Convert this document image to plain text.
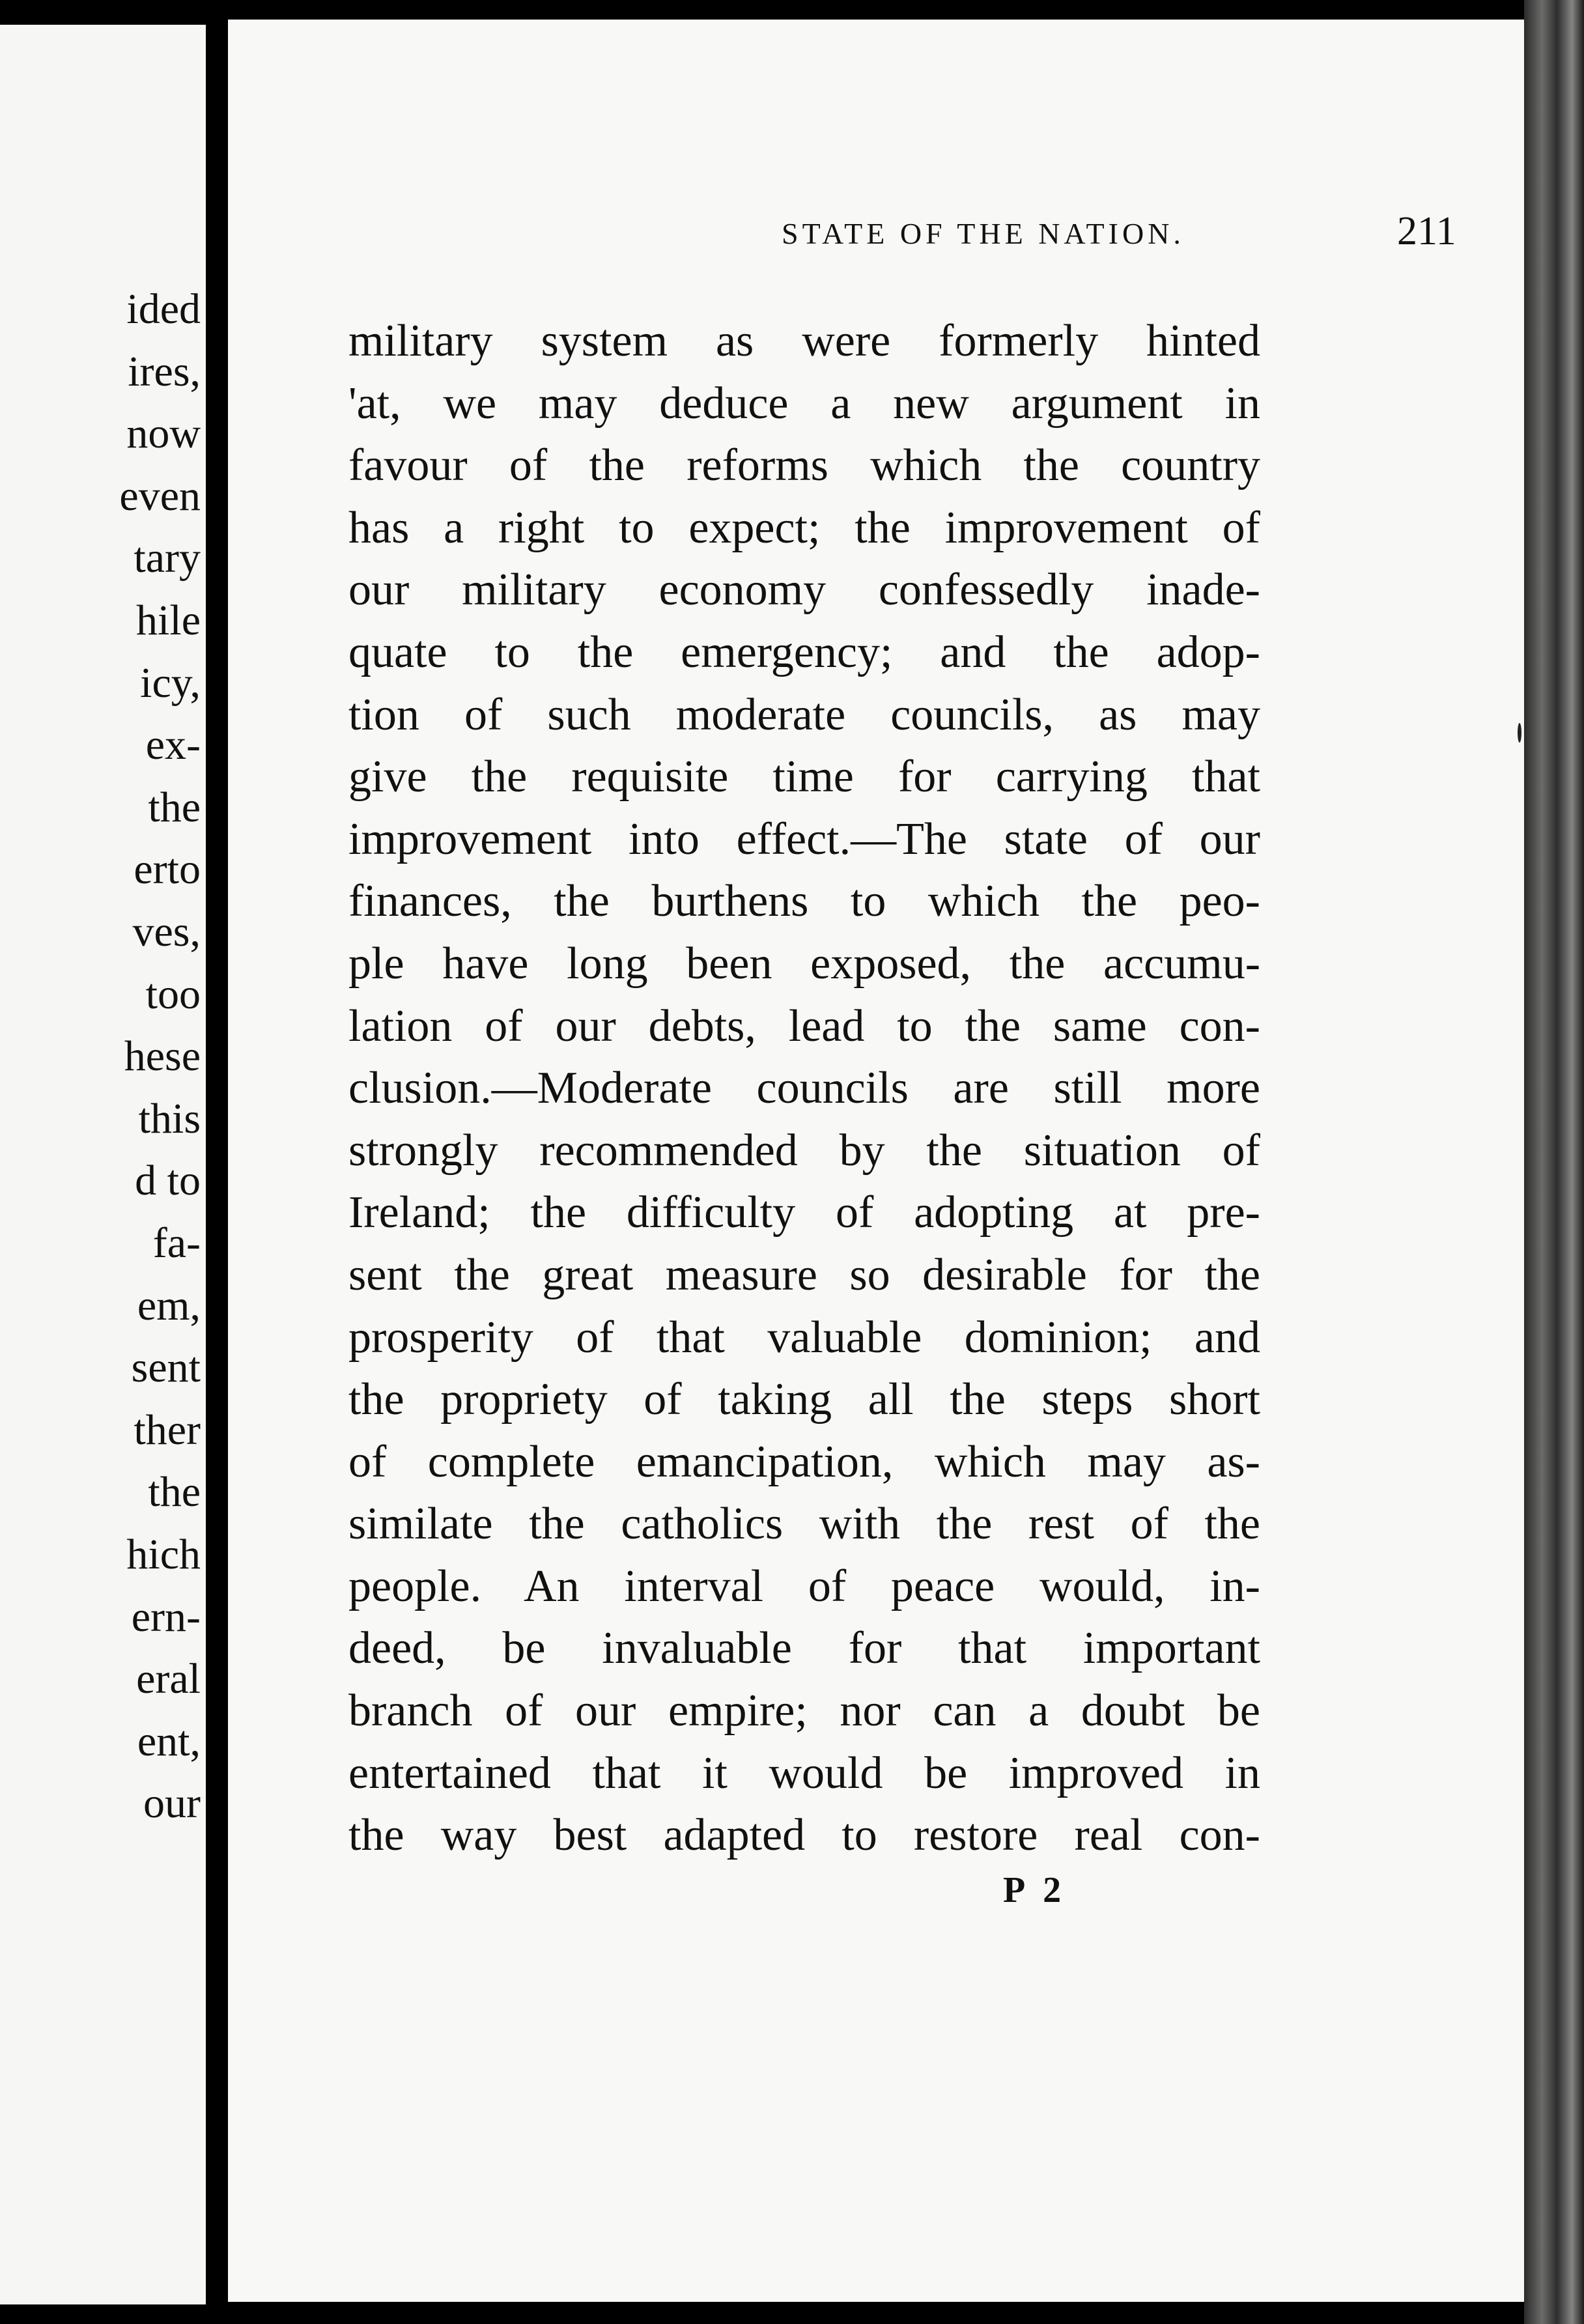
ided
ires,
now
even
tary
hile
icy,
ex-
the
erto
ves,
too
hese
this
d to
fa-
em,
sent
ther
the
hich
ern-
eral
ent,
our
STATE OF THE NATION.	211
military system as were formerly hinted
'at, we may deduce a new argument in
favour of the reforms which the country
has a right to expect; the improvement of
our military economy confessedly inade-
quate to the emergency; and the adop-
tion of such moderate councils, as may
give the requisite time for carrying that
improvement into effect.—The state of our
finances, the burthens to which the peo-
ple have long been exposed, the accumu-
lation of our debts, lead to the same con-
clusion.—Moderate councils are still more
strongly recommended by the situation of
Ireland; the difficulty of adopting at pre-
sent the great measure so desirable for the
prosperity of that valuable dominion; and
the propriety of taking all the steps short
of complete emancipation, which may as-
similate the catholics with the rest of the
people. An interval of peace would, in-
deed, be invaluable for that important
branch of our empire; nor can a doubt be
entertained that it would be improved in
the way best adapted to restore real con-
P 2
